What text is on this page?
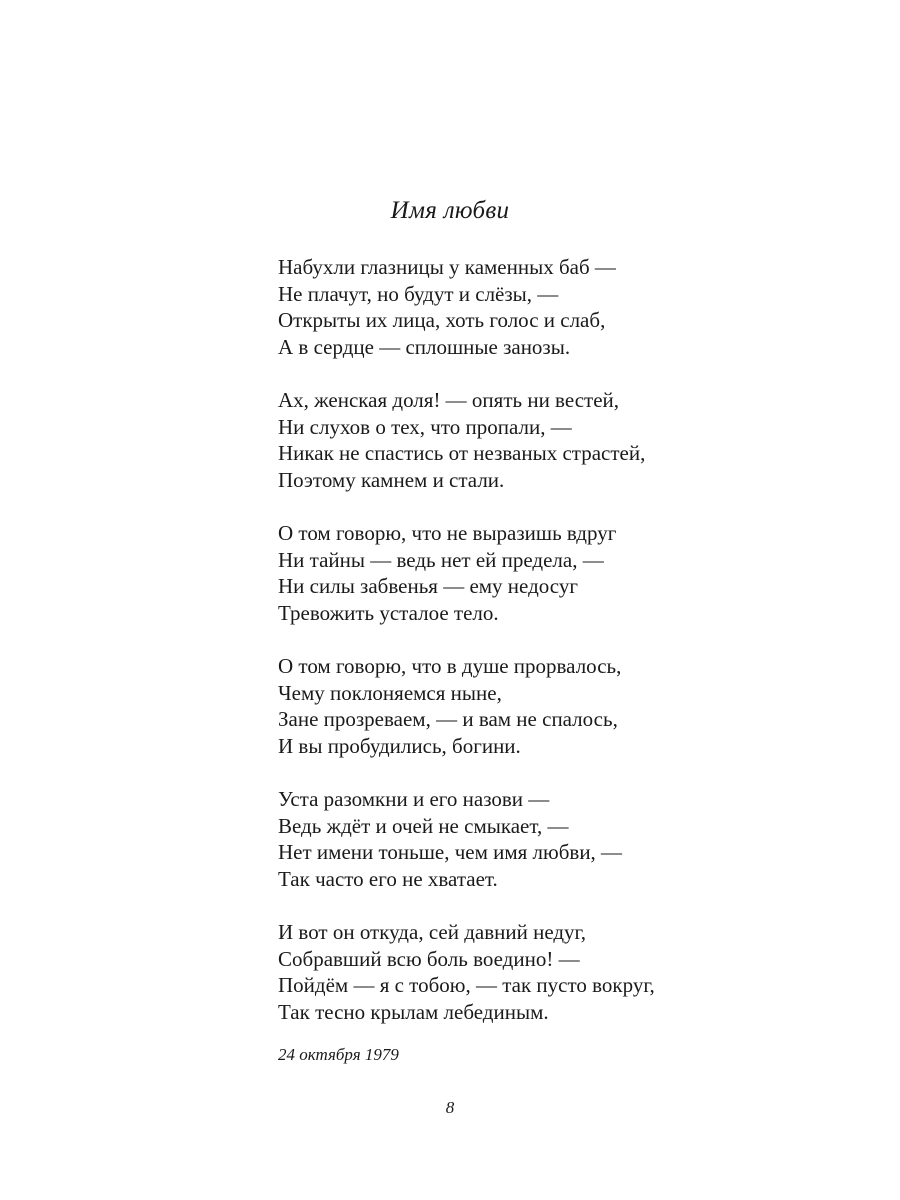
Имя любви
Набухли глазницы у каменных баб —
Не плачут, но будут и слёзы, —
Открыты их лица, хоть голос и слаб,
А в сердце — сплошные занозы.
Ах, женская доля! — опять ни вестей,
Ни слухов о тех, что пропали, —
Никак не спастись от незваных страстей,
Поэтому камнем и стали.
О том говорю, что не выразишь вдруг
Ни тайны — ведь нет ей предела, —
Ни силы забвенья — ему недосуг
Тревожить усталое тело.
О том говорю, что в душе прорвалось,
Чему поклоняемся ныне,
Зане прозреваем, — и вам не спалось,
И вы пробудились, богини.
Уста разомкни и его назови —
Ведь ждёт и очей не смыкает, —
Нет имени тоньше, чем имя любви, —
Так часто его не хватает.
И вот он откуда, сей давний недуг,
Собравший всю боль воедино! —
Пойдём — я с тобою, — так пусто вокруг,
Так тесно крылам лебединым.
24 октября 1979
8
